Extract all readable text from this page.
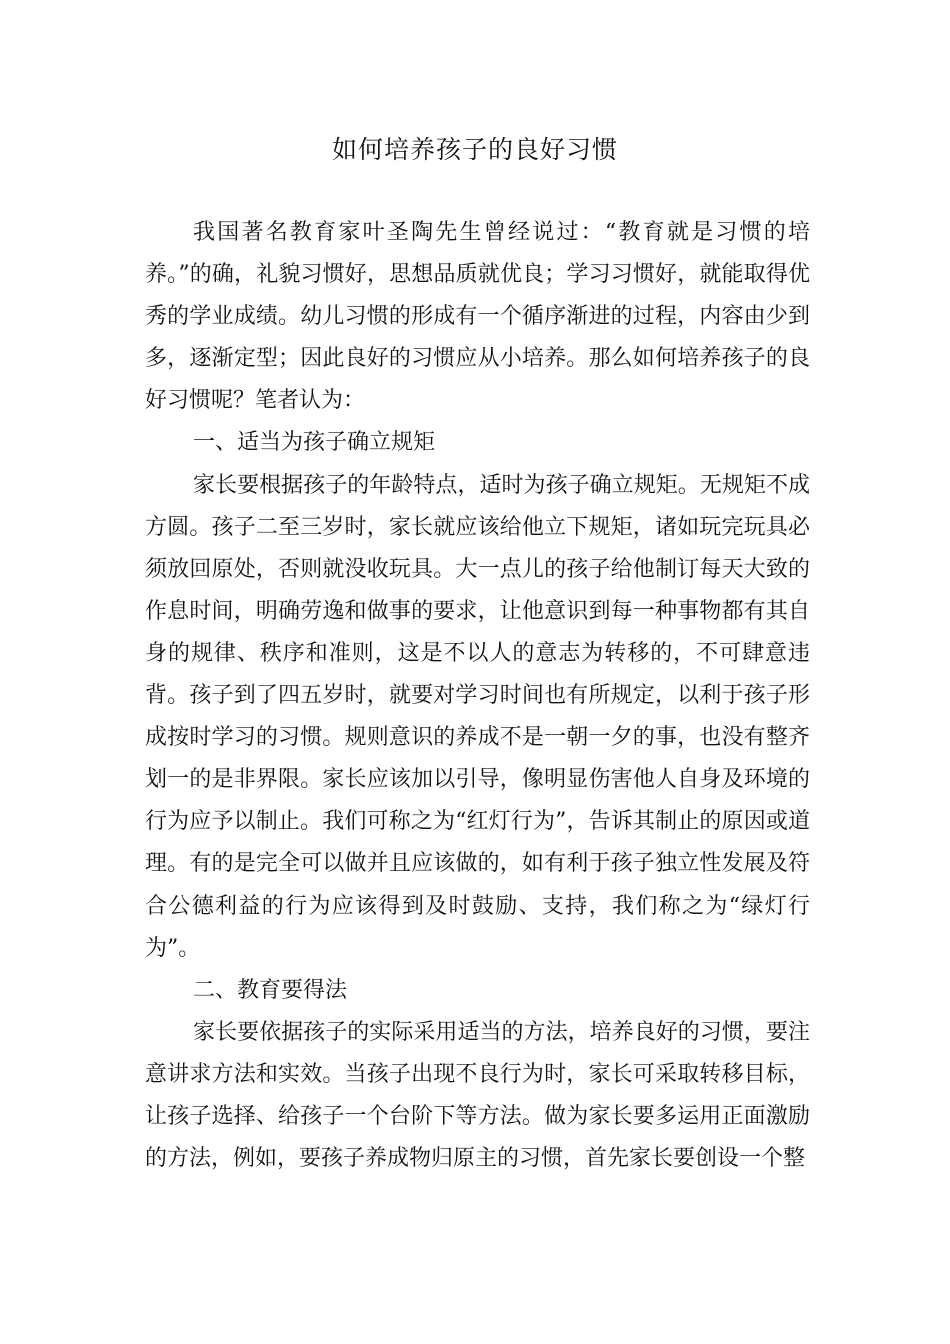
如何培养孩子的良好习惯

我国著名教育家叶圣陶先生曾经说过：“教育就是习惯的培养。”的确，礼貌习惯好，思想品质就优良；学习习惯好，就能取得优秀的学业成绩。幼儿习惯的形成有一个循序渐进的过程，内容由少到多，逐渐定型；因此良好的习惯应从小培养。那么如何培养孩子的良好习惯呢？笔者认为：

一、适当为孩子确立规矩

家长要根据孩子的年龄特点，适时为孩子确立规矩。无规矩不成方圆。孩子二至三岁时，家长就应该给他立下规矩，诸如玩完玩具必须放回原处，否则就没收玩具。大一点儿的孩子给他制订每天大致的作息时间，明确劳逸和做事的要求，让他意识到每一种事物都有其自身的规律、秩序和准则，这是不以人的意志为转移的，不可肆意违背。孩子到了四五岁时，就要对学习时间也有所规定，以利于孩子形成按时学习的习惯。规则意识的养成不是一朝一夕的事，也没有整齐划一的是非界限。家长应该加以引导，像明显伤害他人自身及环境的行为应予以制止。我们可称之为“红灯行为”，告诉其制止的原因或道理。有的是完全可以做并且应该做的，如有利于孩子独立性发展及符合公德利益的行为应该得到及时鼓励、支持，我们称之为“绿灯行为”。

二、教育要得法

家长要依据孩子的实际采用适当的方法，培养良好的习惯，要注意讲求方法和实效。当孩子出现不良行为时，家长可采取转移目标，让孩子选择、给孩子一个台阶下等方法。做为家长要多运用正面激励的方法，例如，要孩子养成物归原主的习惯，首先家长要创设一个整
